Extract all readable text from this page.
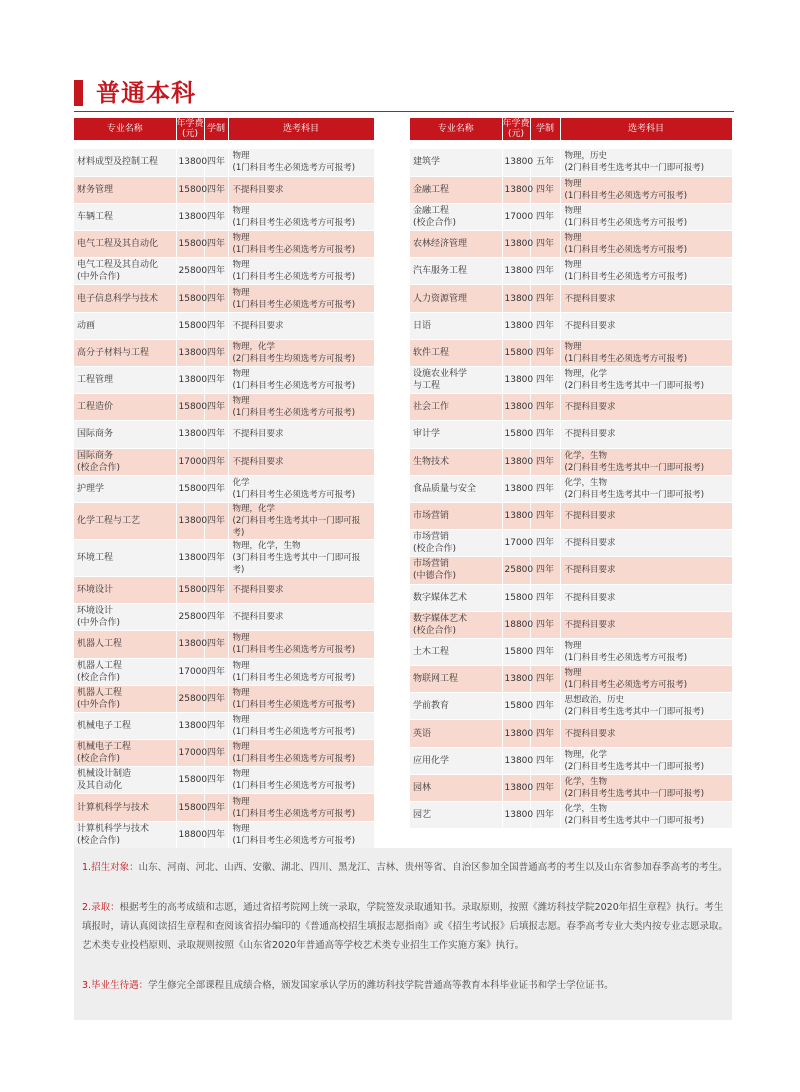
普通本科
专业名称	年学费
(元)	学制	选考科目

材料成型及控制工程	13800	四年	物理
(1门科目考生必须选考方可报考)
财务管理	15800	四年	不提科目要求
车辆工程	13800	四年	物理
(1门科目考生必须选考方可报考)
电气工程及其自动化	15800	四年	物理
(1门科目考生必须选考方可报考)
电气工程及其自动化
(中外合作)	25800	四年	物理
(1门科目考生必须选考方可报考)
电子信息科学与技术	15800	四年	物理
(1门科目考生必须选考方可报考)
动画	15800	四年	不提科目要求
高分子材料与工程	13800	四年	物理，化学
(2门科目考生均须选考方可报考)
工程管理	13800	四年	物理
(1门科目考生必须选考方可报考)
工程造价	15800	四年	物理
(1门科目考生必须选考方可报考)
国际商务	13800	四年	不提科目要求
国际商务
(校企合作)	17000	四年	不提科目要求
护理学	15800	四年	化学
(1门科目考生必须选考方可报考)
化学工程与工艺	13800	四年	物理，化学
(2门科目考生选考其中一门即可报考)
环境工程	13800	四年	物理，化学，生物
(3门科目考生选考其中一门即可报考)
环境设计	15800	四年	不提科目要求
环境设计
(中外合作)	25800	四年	不提科目要求
机器人工程	13800	四年	物理
(1门科目考生必须选考方可报考)
机器人工程
(校企合作)	17000	四年	物理
(1门科目考生必须选考方可报考)
机器人工程
(中外合作)	25800	四年	物理
(1门科目考生必须选考方可报考)
机械电子工程	13800	四年	物理
(1门科目考生必须选考方可报考)
机械电子工程
(校企合作)	17000	四年	物理
(1门科目考生必须选考方可报考)
机械设计制造
及其自动化	15800	四年	物理
(1门科目考生必须选考方可报考)
计算机科学与技术	15800	四年	物理
(1门科目考生必须选考方可报考)
计算机科学与技术
(校企合作)	18800	四年	物理
(1门科目考生必须选考方可报考)
专业名称	年学费
(元)	学制	选考科目

建筑学	13800	五年	物理，历史
(2门科目考生选考其中一门即可报考)
金融工程	13800	四年	物理
(1门科目考生必须选考方可报考)
金融工程
(校企合作)	17000	四年	物理
(1门科目考生必须选考方可报考)
农林经济管理	13800	四年	物理
(1门科目考生必须选考方可报考)
汽车服务工程	13800	四年	物理
(1门科目考生必须选考方可报考)
人力资源管理	13800	四年	不提科目要求
日语	13800	四年	不提科目要求
软件工程	15800	四年	物理
(1门科目考生必须选考方可报考)
设施农业科学
与工程	13800	四年	物理，化学
(2门科目考生选考其中一门即可报考)
社会工作	13800	四年	不提科目要求
审计学	15800	四年	不提科目要求
生物技术	13800	四年	化学，生物
(2门科目考生选考其中一门即可报考)
食品质量与安全	13800	四年	化学，生物
(2门科目考生选考其中一门即可报考)
市场营销	13800	四年	不提科目要求
市场营销
(校企合作)	17000	四年	不提科目要求
市场营销
(中德合作)	25800	四年	不提科目要求
数字媒体艺术	15800	四年	不提科目要求
数字媒体艺术
(校企合作)	18800	四年	不提科目要求
土木工程	15800	四年	物理
(1门科目考生必须选考方可报考)
物联网工程	13800	四年	物理
(1门科目考生必须选考方可报考)
学前教育	15800	四年	思想政治，历史
(2门科目考生选考其中一门即可报考)
英语	13800	四年	不提科目要求
应用化学	13800	四年	物理，化学
(2门科目考生选考其中一门即可报考)
园林	13800	四年	化学，生物
(2门科目考生选考其中一门即可报考)
园艺	13800	四年	化学，生物
(2门科目考生选考其中一门即可报考)

1.招生对象：山东、河南、河北、山西、安徽、湖北、四川、黑龙江、吉林、贵州等省、自治区参加全国普通高考的考生以及山东省参加春季高考的考生。

2.录取：根据考生的高考成绩和志愿，通过省招考院网上统一录取，学院签发录取通知书。录取原则，按照《潍坊科技学院2020年招生章程》执行。考生填报时，请认真阅读招生章程和查阅该省招办编印的《普通高校招生填报志愿指南》或《招生考试报》后填报志愿。春季高考专业大类内按专业志愿录取。艺术类专业投档原则、录取规则按照《山东省2020年普通高等学校艺术类专业招生工作实施方案》执行。

3.毕业生待遇：学生修完全部课程且成绩合格，颁发国家承认学历的潍坊科技学院普通高等教育本科毕业证书和学士学位证书。
